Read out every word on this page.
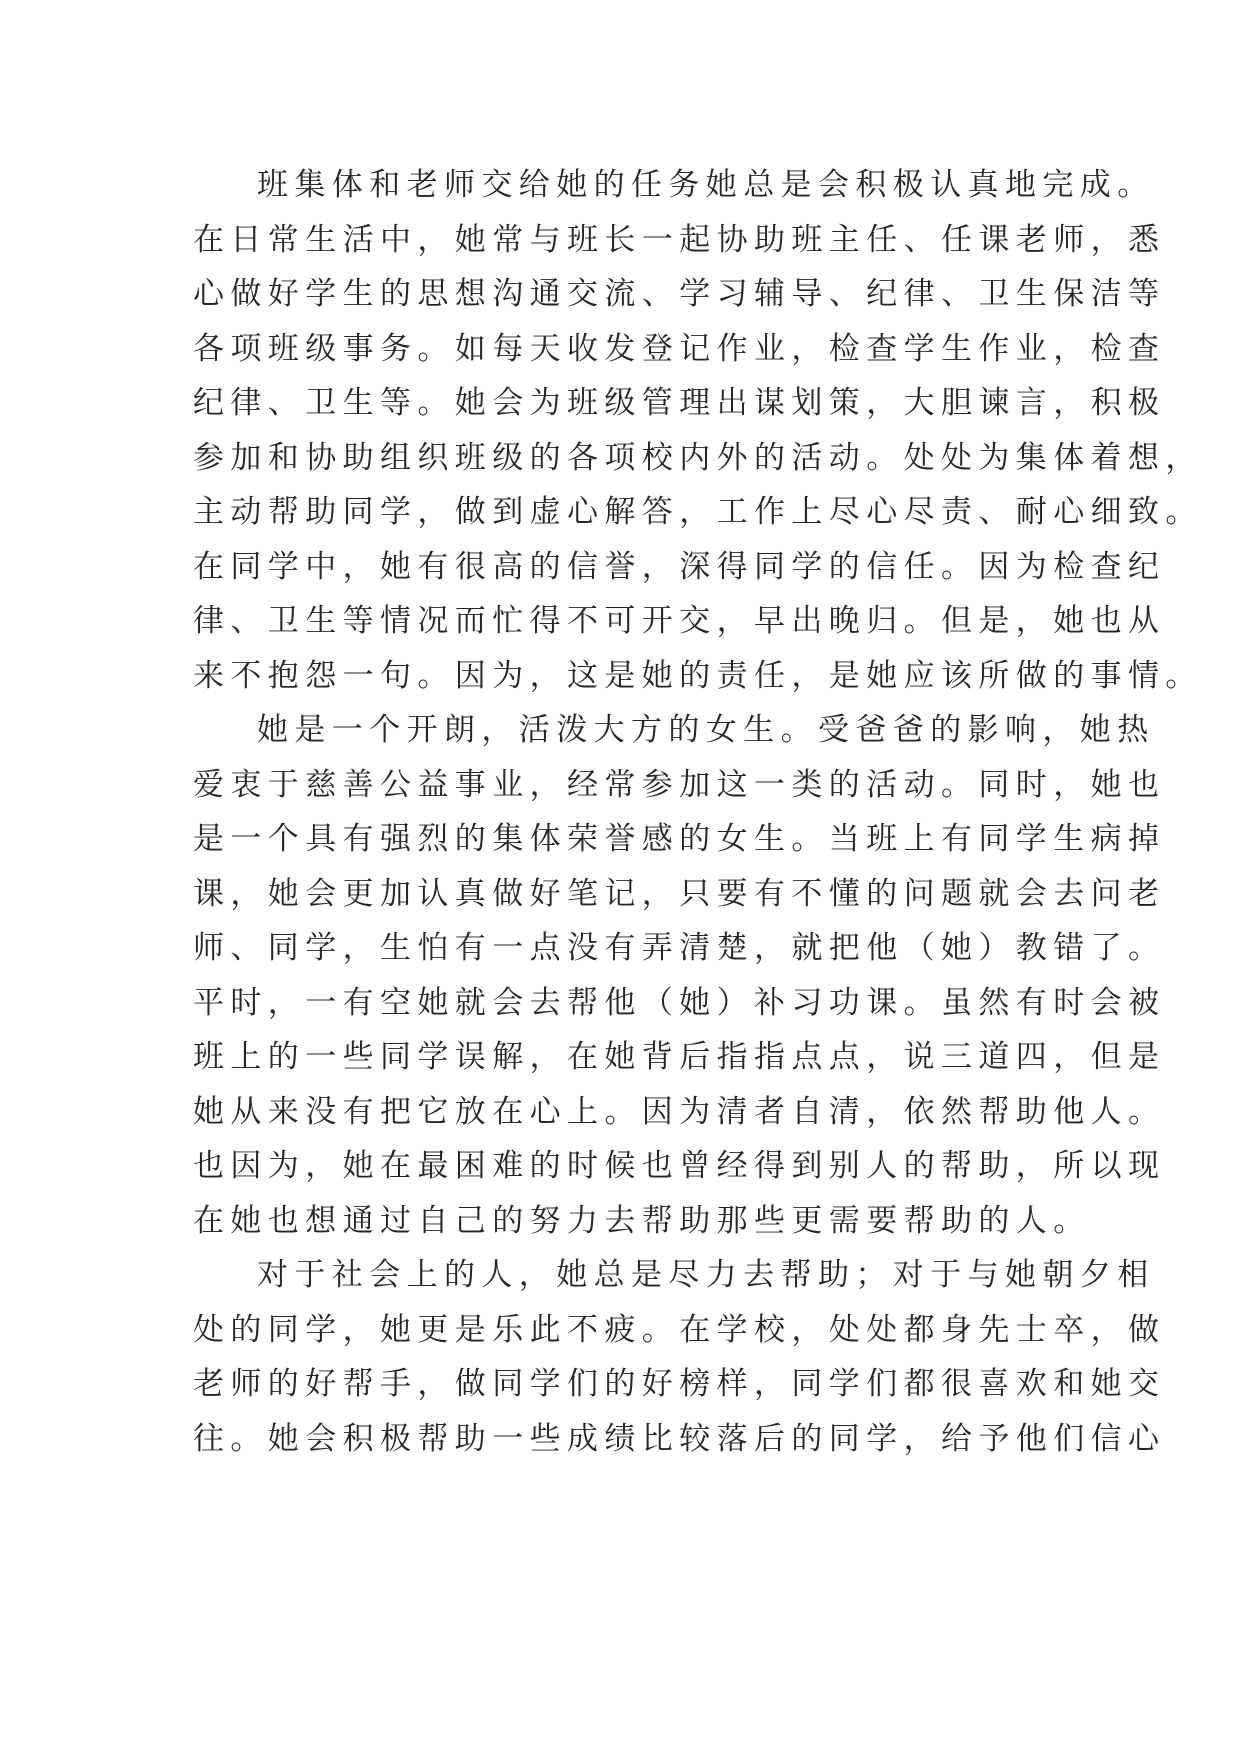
班集体和老师交给她的任务她总是会积极认真地完成。
在日常生活中，她常与班长一起协助班主任、任课老师，悉
心做好学生的思想沟通交流、学习辅导、纪律、卫生保洁等
各项班级事务。如每天收发登记作业，检查学生作业，检查
纪律、卫生等。她会为班级管理出谋划策，大胆谏言，积极
参加和协助组织班级的各项校内外的活动。处处为集体着想，
主动帮助同学，做到虚心解答，工作上尽心尽责、耐心细致。
在同学中，她有很高的信誉，深得同学的信任。因为检查纪
律、卫生等情况而忙得不可开交，早出晚归。但是，她也从
来不抱怨一句。因为，这是她的责任，是她应该所做的事情。
她是一个开朗，活泼大方的女生。受爸爸的影响，她热
爱衷于慈善公益事业，经常参加这一类的活动。同时，她也
是一个具有强烈的集体荣誉感的女生。当班上有同学生病掉
课，她会更加认真做好笔记，只要有不懂的问题就会去问老
师、同学，生怕有一点没有弄清楚，就把他（她）教错了。
平时，一有空她就会去帮他（她）补习功课。虽然有时会被
班上的一些同学误解，在她背后指指点点，说三道四，但是
她从来没有把它放在心上。因为清者自清，依然帮助他人。
也因为，她在最困难的时候也曾经得到别人的帮助，所以现
在她也想通过自己的努力去帮助那些更需要帮助的人。
对于社会上的人，她总是尽力去帮助；对于与她朝夕相
处的同学，她更是乐此不疲。在学校，处处都身先士卒，做
老师的好帮手，做同学们的好榜样，同学们都很喜欢和她交
往。她会积极帮助一些成绩比较落后的同学，给予他们信心
